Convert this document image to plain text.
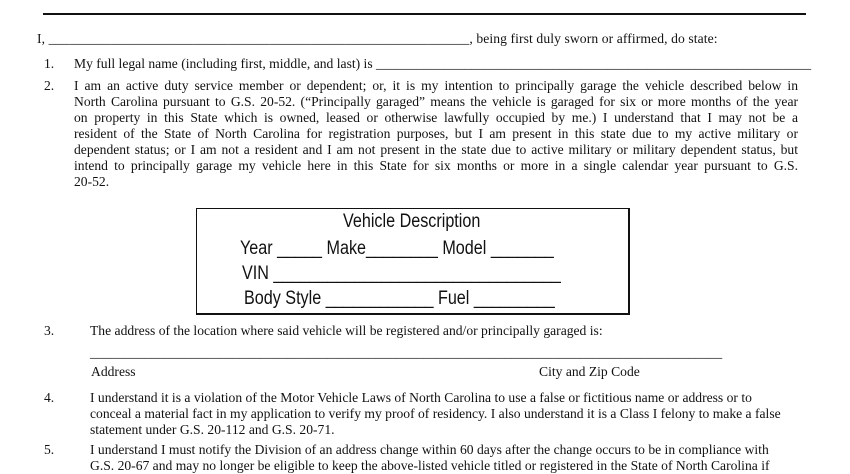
I, _____________________________________________________________, being first duly sworn or affirmed, do state:
1.	My full legal name (including first, middle, and last) is ________________________________________________________________
2.	I am an active duty service member or dependent; or, it is my intention to principally garage the vehicle described below in
North Carolina pursuant to G.S. 20-52. (“Principally garaged” means the vehicle is garaged for six or more months of the year
on property in this State which is owned, leased or otherwise lawfully occupied by me.) I understand that I may not be a
resident of the State of North Carolina for registration purposes, but I am present in this state due to my active military or
dependent status; or I am not a resident and I am not present in the state due to active military or military dependent status, but
intend to principally garage my vehicle here in this State for six months or more in a single calendar year pursuant to G.S.
20-52.
Vehicle Description
Year _____ Make________ Model _______
VIN ________________________________
Body Style ____________ Fuel _________
3.	The address of the location where said vehicle will be registered and/or principally garaged is:
_____________________________________________________________________________________________
Address	City and Zip Code
4.	I understand it is a violation of the Motor Vehicle Laws of North Carolina to use a false or fictitious name or address or to
conceal a material fact in my application to verify my proof of residency. I also understand it is a Class I felony to make a false
statement under G.S. 20-112 and G.S. 20-71.
5.	I understand I must notify the Division of an address change within 60 days after the change occurs to be in compliance with
G.S. 20-67 and may no longer be eligible to keep the above-listed vehicle titled or registered in the State of North Carolina if
